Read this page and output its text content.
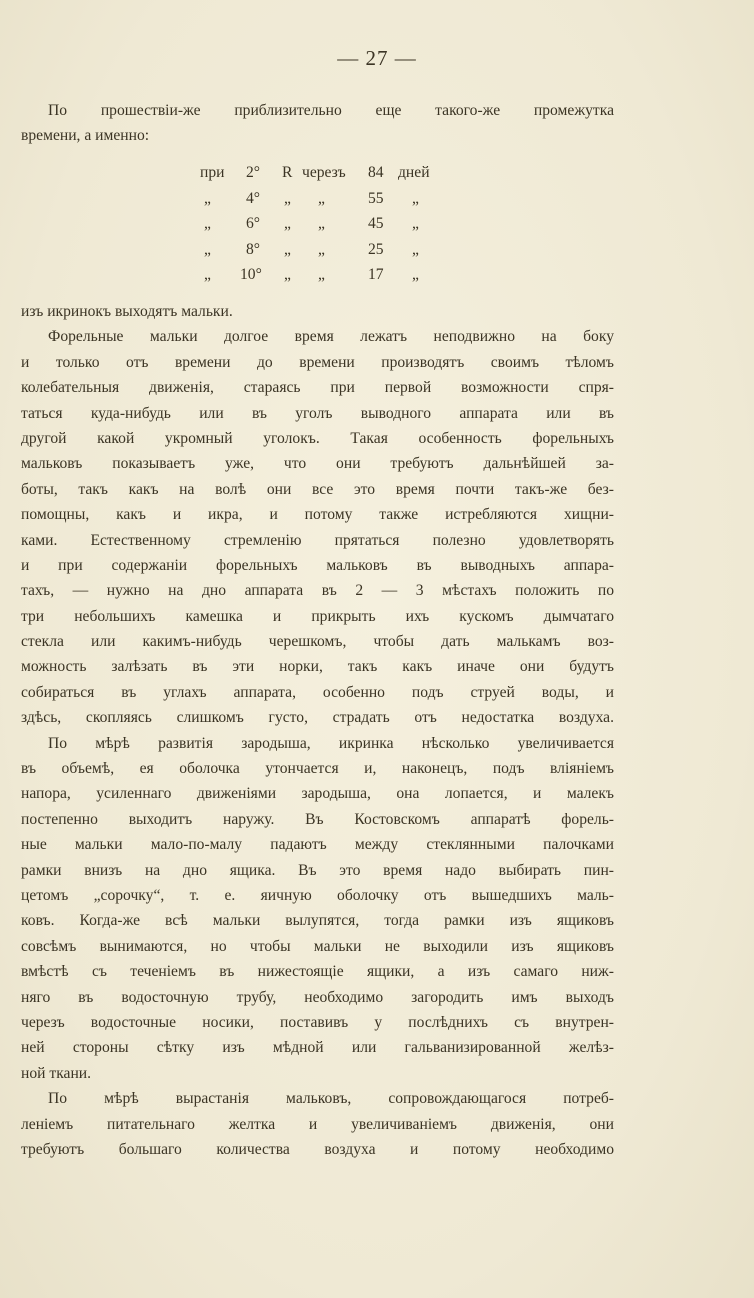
— 27 —
По прошествіи-же приблизительно еще такого-же промежутка
времени, а именно:
при 2° R черезъ 84 дней
„ 4° „ „	55 „
„ 6° „ „	45 „
„ 8° „ „	25 „
„ 10° „ „	17 „
изъ икринокъ выходятъ мальки.
Форельные мальки долгое время лежатъ неподвижно на боку
и только отъ времени до времени производятъ своимъ тѣломъ
колебательныя движенія, стараясь при первой возможности спря-
таться куда-нибудь или въ уголъ выводного аппарата или въ
другой какой укромный уголокъ. Такая особенность форельныхъ
мальковъ показываетъ уже, что они требуютъ дальнѣйшей за-
боты, такъ какъ на волѣ они все это время почти такъ-же без-
помощны, какъ и икра, и потому также истребляются хищни-
ками. Естественному стремленію прятаться полезно удовлетворять
и при содержаніи форельныхъ мальковъ въ выводныхъ аппара-
тахъ, — нужно на дно аппарата въ 2 — 3 мѣстахъ положить по
три небольшихъ камешка и прикрыть ихъ кускомъ дымчатаго
стекла или какимъ-нибудь черешкомъ, чтобы дать малькамъ воз-
можность залѣзать въ эти норки, такъ какъ иначе они будутъ
собираться въ углахъ аппарата, особенно подъ струей воды, и
здѣсь, скопляясь слишкомъ густо, страдать отъ недостатка воздуха.
По мѣрѣ развитія зародыша, икринка нѣсколько увеличивается
въ объемѣ, ея оболочка утончается и, наконецъ, подъ вліяніемъ
напора, усиленнаго движеніями зародыша, она лопается, и малекъ
постепенно выходитъ наружу. Въ Костовскомъ аппаратѣ форель-
ные мальки мало-по-малу падаютъ между стеклянными палочками
рамки внизъ на дно ящика. Въ это время надо выбирать пин-
цетомъ „сорочку“, т. е. яичную оболочку отъ вышедшихъ маль-
ковъ. Когда-же всѣ мальки вылупятся, тогда рамки изъ ящиковъ
совсѣмъ вынимаются, но чтобы мальки не выходили изъ ящиковъ
вмѣстѣ съ теченіемъ въ нижестоящіе ящики, а изъ самаго ниж-
няго въ водосточную трубу, необходимо загородить имъ выходъ
черезъ водосточные носики, поставивъ у послѣднихъ съ внутрен-
ней стороны сѣтку изъ мѣдной или гальванизированной желѣз-
ной ткани.
По мѣрѣ вырастанія мальковъ, сопровождающагося потреб-
леніемъ питательнаго желтка и увеличиваніемъ движенія, они
требуютъ большаго количества воздуха и потому необходимо
